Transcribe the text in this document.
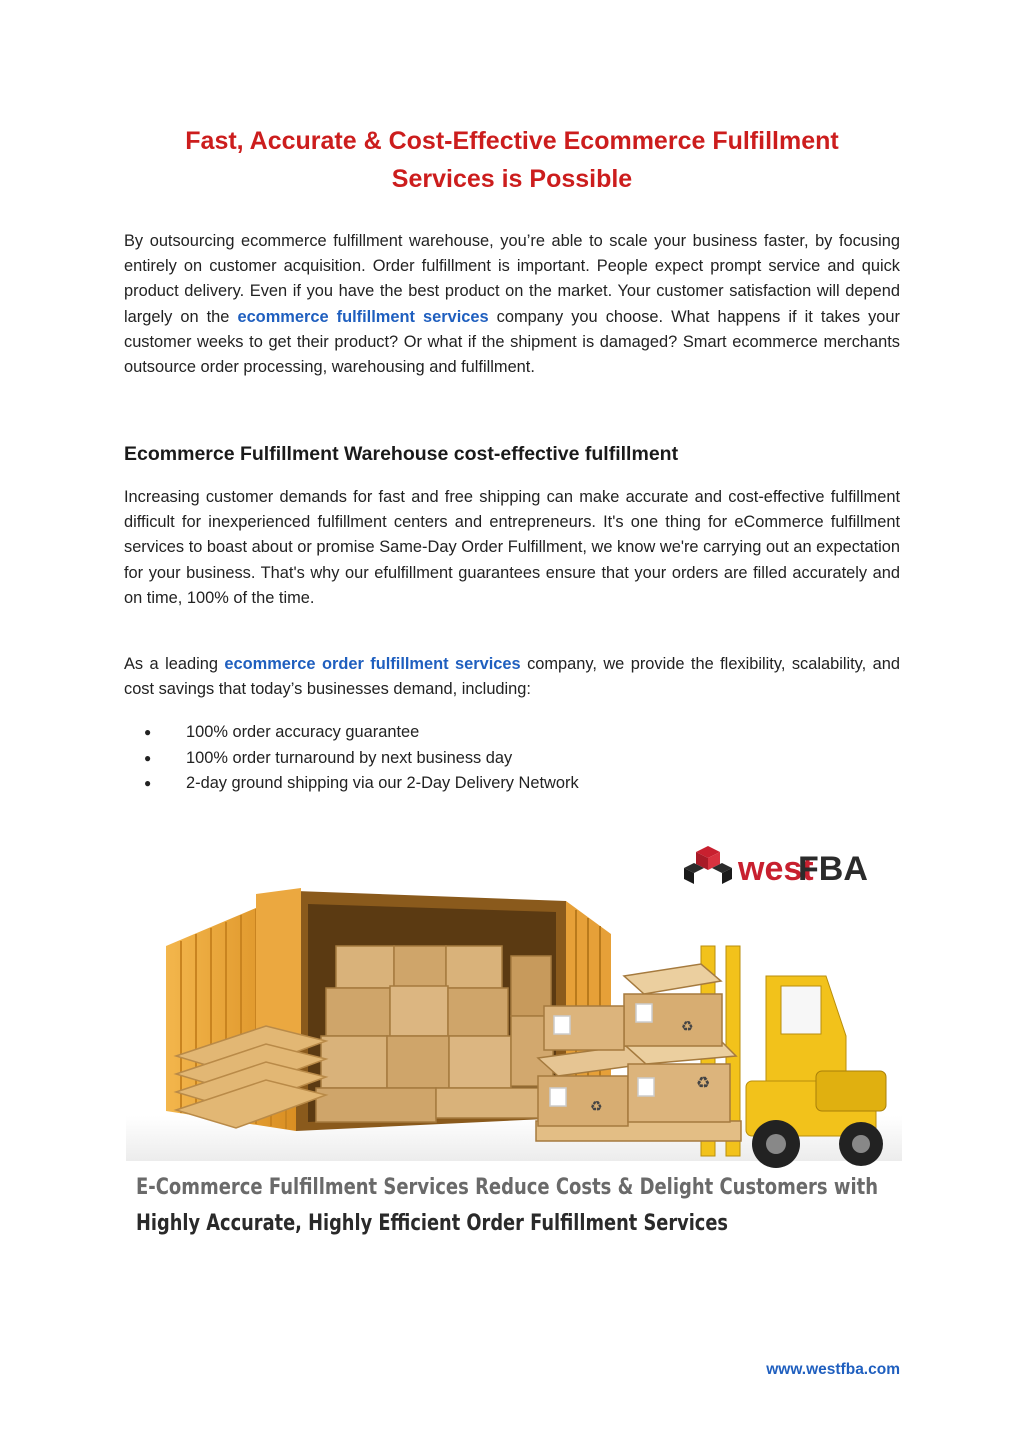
Fast, Accurate & Cost-Effective Ecommerce Fulfillment
Services is Possible

By outsourcing ecommerce fulfillment warehouse, you’re able to scale your business faster, by focusing entirely on customer acquisition. Order fulfillment is important. People expect prompt service and quick product delivery. Even if you have the best product on the market. Your customer satisfaction will depend largely on the ecommerce fulfillment services company you choose. What happens if it takes your customer weeks to get their product? Or what if the shipment is damaged? Smart ecommerce merchants outsource order processing, warehousing and fulfillment.

Ecommerce Fulfillment Warehouse cost-effective fulfillment

Increasing customer demands for fast and free shipping can make accurate and cost-effective fulfillment difficult for inexperienced fulfillment centers and entrepreneurs. It's one thing for eCommerce fulfillment services to boast about or promise Same-Day Order Fulfillment, we know we're carrying out an expectation for your business. That's why our efulfillment guarantees ensure that your orders are filled accurately and on time, 100% of the time.

As a leading ecommerce order fulfillment services company, we provide the flexibility, scalability, and cost savings that today’s businesses demand, including:

● 100% order accuracy guarantee
● 100% order turnaround by next business day
● 2-day ground shipping via our 2-Day Delivery Network
west
FBA
♻
♻
♻
E-Commerce Fulfillment Services Reduce Costs & Delight Customers with
Highly Accurate, Highly Efficient Order Fulfillment Services
www.westfba.com
